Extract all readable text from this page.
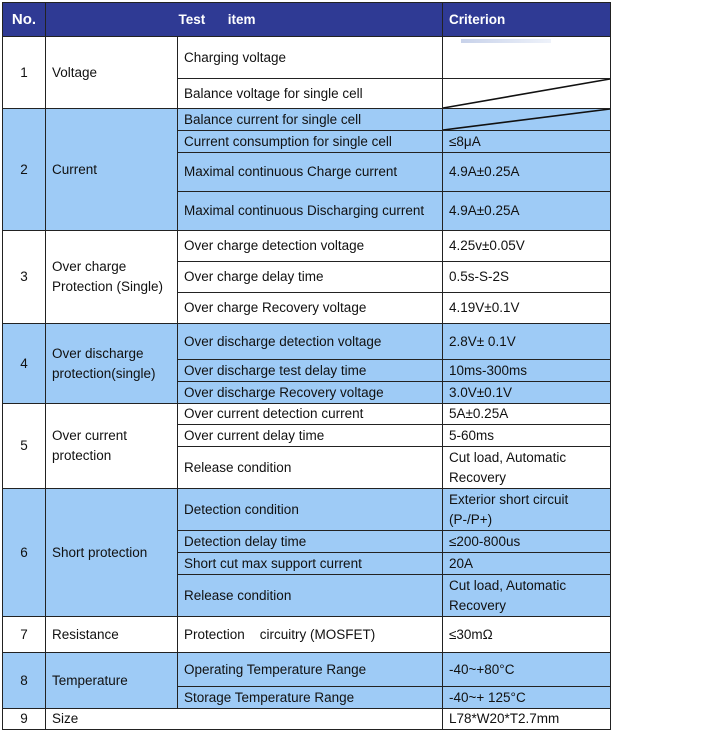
No.	Test      item		Criterion
1	Voltage	Charging voltage	

		Balance voltage for single cell	

2	Current	Balance current for single cell	

		Current consumption for single cell	≤8μA
		Maximal continuous Charge current	4.9A±0.25A
		Maximal continuous Discharging current	4.9A±0.25A
3	Over charge Protection (Single)	Over charge detection voltage	4.25v±0.05V
		Over charge delay time	0.5s-S-2S
		Over charge Recovery voltage	4.19V±0.1V
4	Over discharge protection(single)	Over discharge detection voltage	2.8V± 0.1V
		Over discharge test delay time	10ms-300ms
		Over discharge Recovery voltage	3.0V±0.1V
5	Over current protection	Over current detection current	5A±0.25A
		Over current delay time	5-60ms
		Release condition	Cut load, Automatic Recovery
6	Short protection	Detection condition	Exterior short circuit (P-/P+)
		Detection delay time	≤200-800us
		Short cut max support current	20A
		Release condition	Cut load, Automatic Recovery
7	Resistance	Protection    circuitry (MOSFET)	≤30mΩ
8	Temperature	Operating Temperature Range	-40~+80°C
		Storage Temperature Range	-40~+ 125°C
9	Size		L78*W20*T2.7mm
